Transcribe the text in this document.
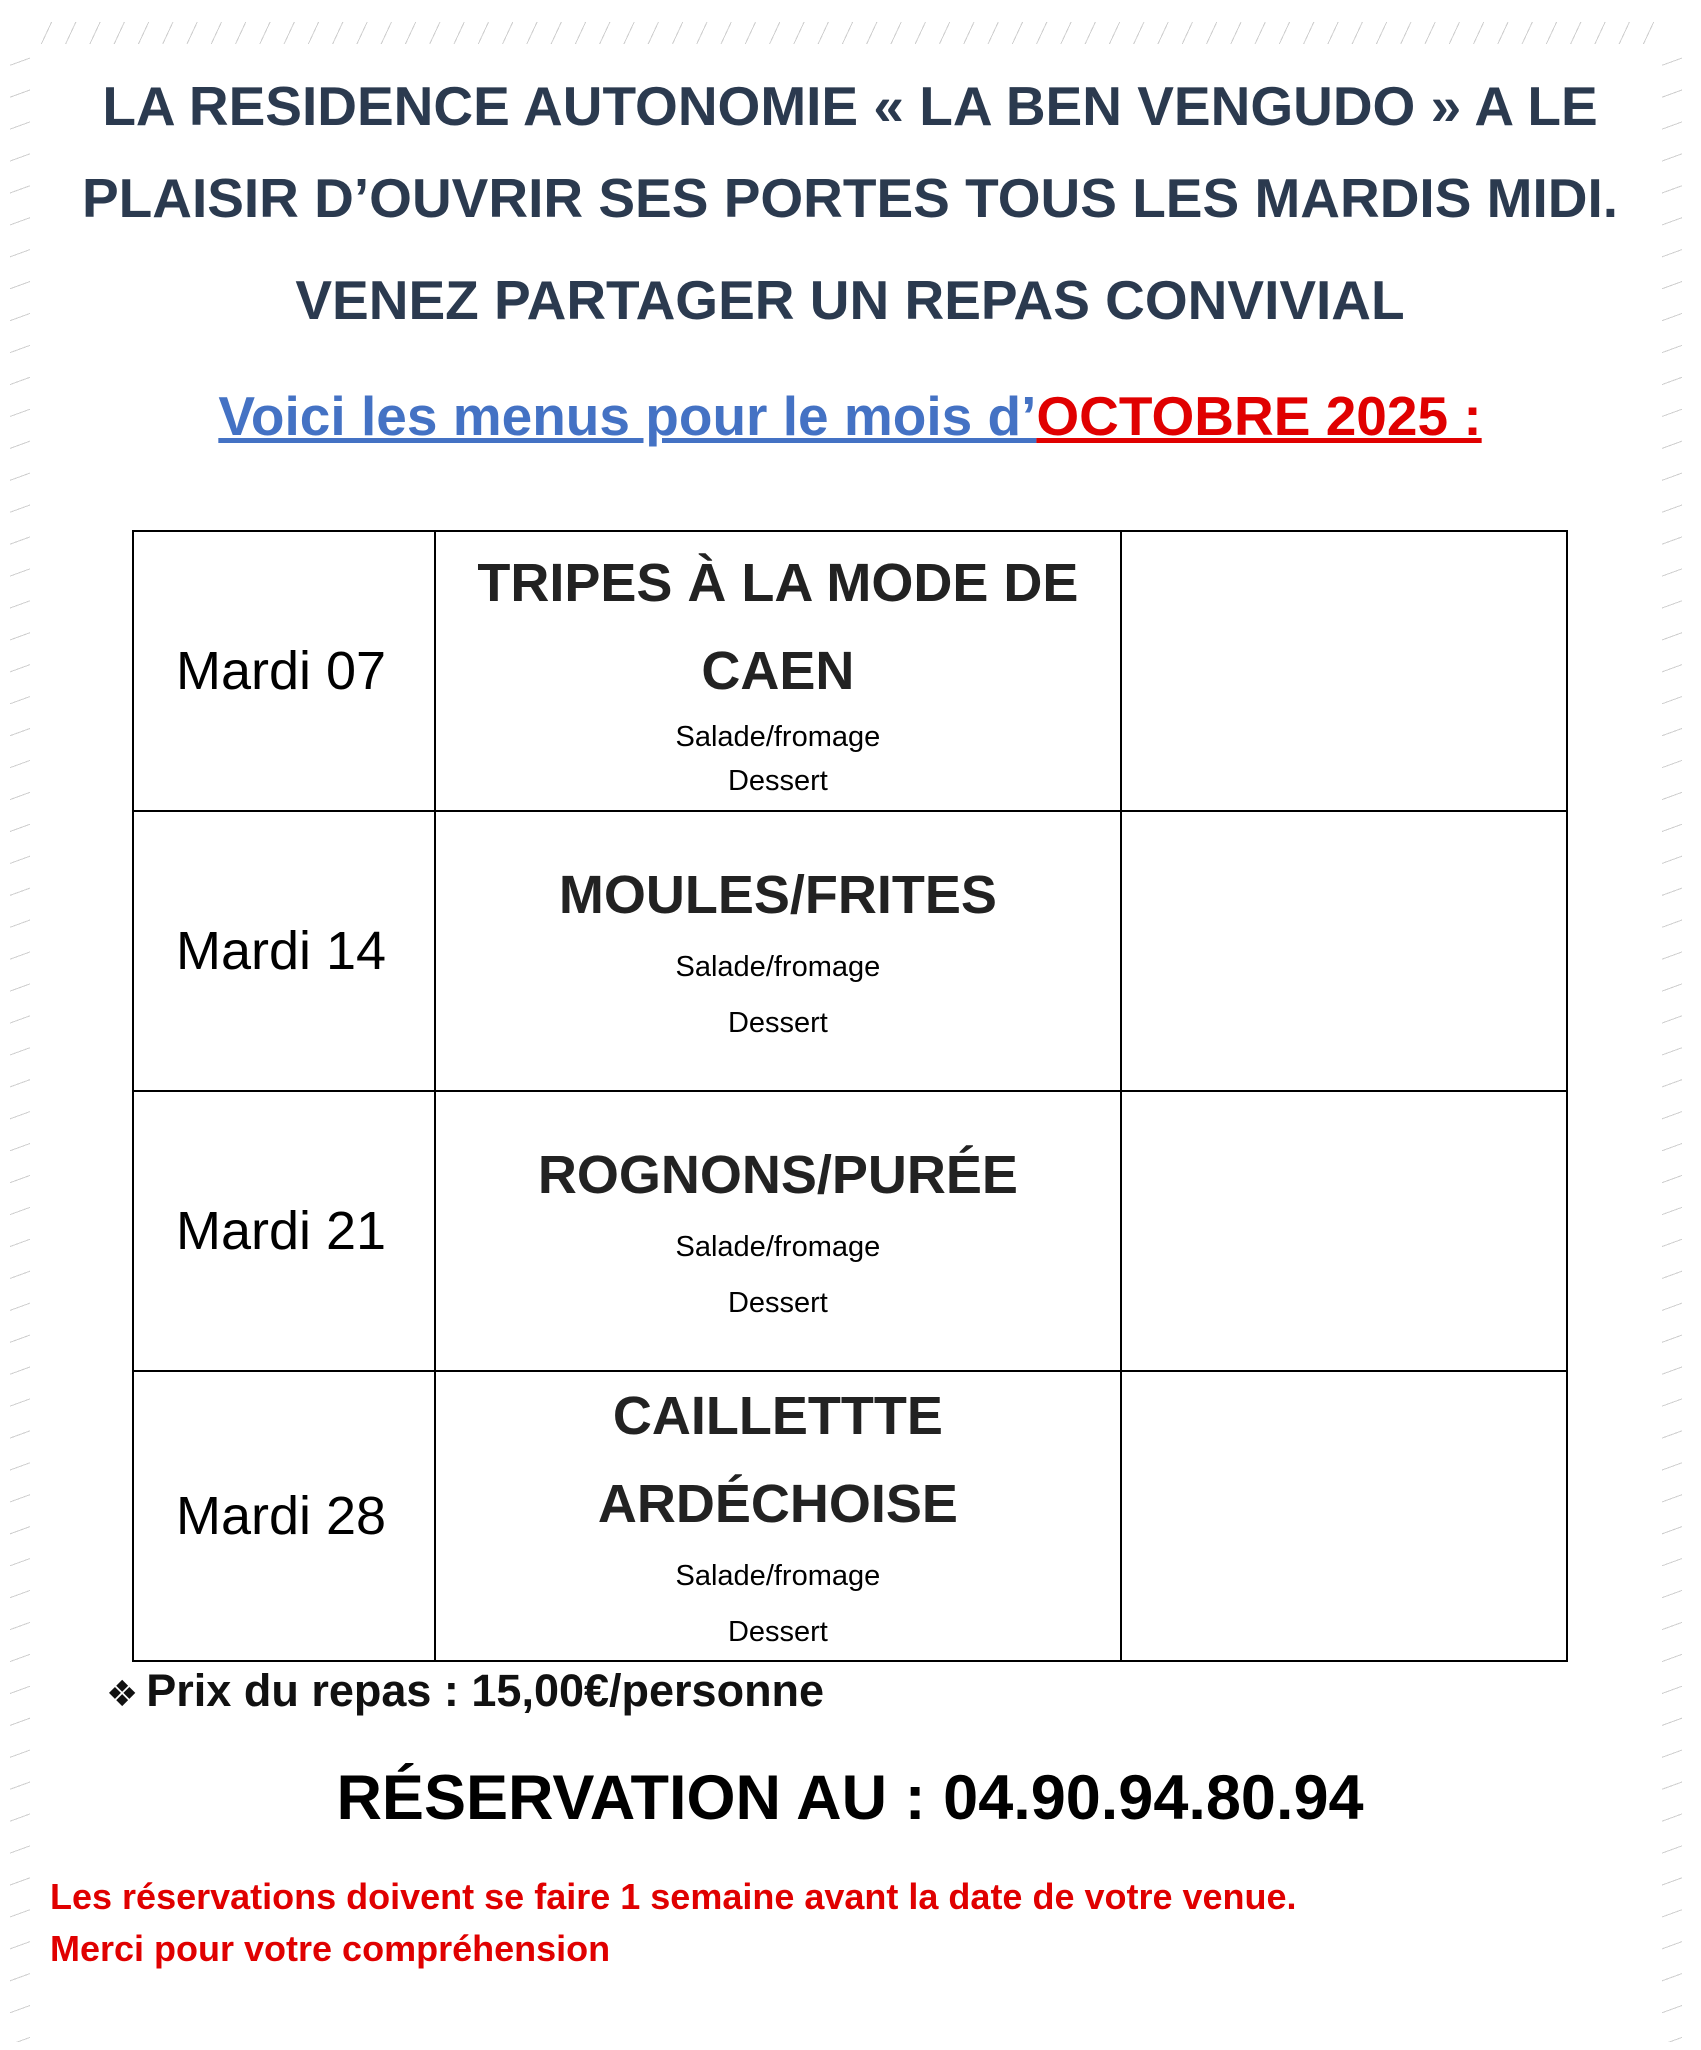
LA RESIDENCE AUTONOMIE « LA BEN VENGUDO » A LE
PLAISIR D’OUVRIR SES PORTES TOUS LES MARDIS MIDI.
VENEZ PARTAGER UN REPAS CONVIVIAL
Voici les menus pour le mois d’OCTOBRE 2025 :
Mardi 07	TRIPES À LA MODE DE
CAEN
Salade/fromage
Dessert	

Mardi 14	MOULES/FRITES
Salade/fromage
Dessert	

Mardi 21	ROGNONS/PURÉE
Salade/fromage
Dessert	

Mardi 28	CAILLETTTE
ARDÉCHOISE
Salade/fromage
Dessert	

❖ Prix du repas : 15,00€/personne
RÉSERVATION AU : 04.90.94.80.94
Les réservations doivent se faire 1 semaine avant la date de votre venue.
Merci pour votre compréhension
